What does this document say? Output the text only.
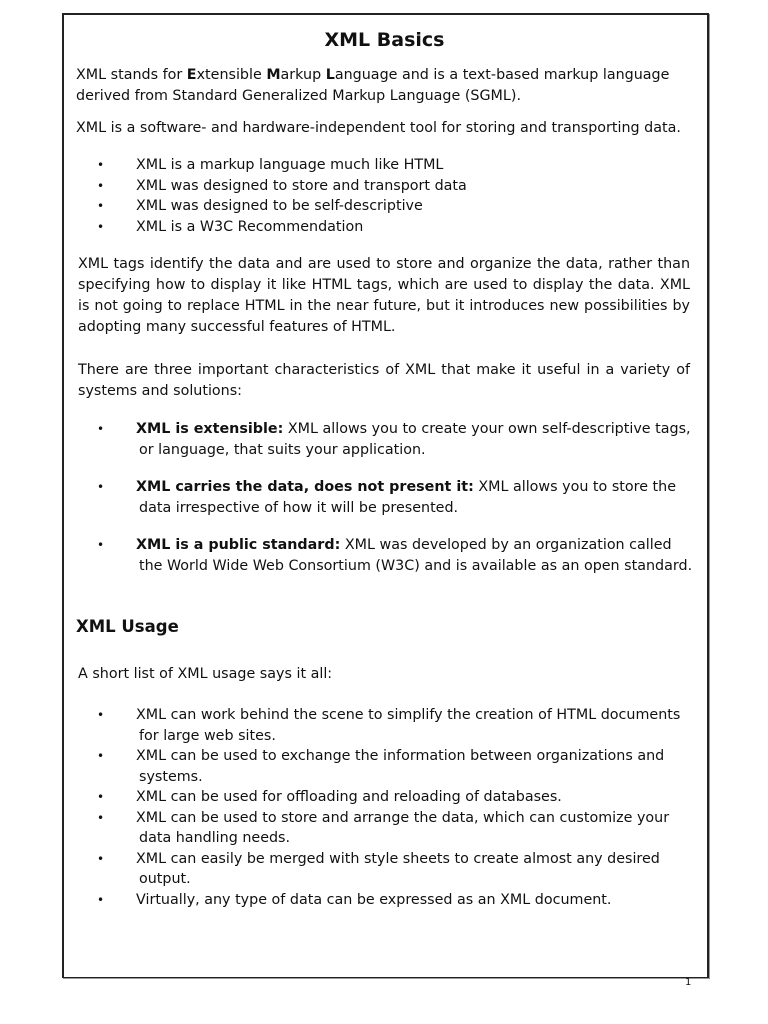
XML Basics

XML stands for Extensible Markup Language and is a text-based markup language derived from Standard Generalized Markup Language (SGML).

XML is a software- and hardware-independent tool for storing and transporting data.

• XML is a markup language much like HTML
• XML was designed to store and transport data
• XML was designed to be self-descriptive
• XML is a W3C Recommendation

XML tags identify the data and are used to store and organize the data, rather than specifying how to display it like HTML tags, which are used to display the data. XML is not going to replace HTML in the near future, but it introduces new possibilities by adopting many successful features of HTML.

There are three important characteristics of XML that make it useful in a variety of systems and solutions:

• XML is extensible: XML allows you to create your own self-descriptive tags, or language, that suits your application.
• XML carries the data, does not present it: XML allows you to store the data irrespective of how it will be presented.
• XML is a public standard: XML was developed by an organization called the World Wide Web Consortium (W3C) and is available as an open standard.
XML Usage

A short list of XML usage says it all:

• XML can work behind the scene to simplify the creation of HTML documents for large web sites.
• XML can be used to exchange the information between organizations and systems.
• XML can be used for offloading and reloading of databases.
• XML can be used to store and arrange the data, which can customize your data handling needs.
• XML can easily be merged with style sheets to create almost any desired output.
• Virtually, any type of data can be expressed as an XML document.
1
